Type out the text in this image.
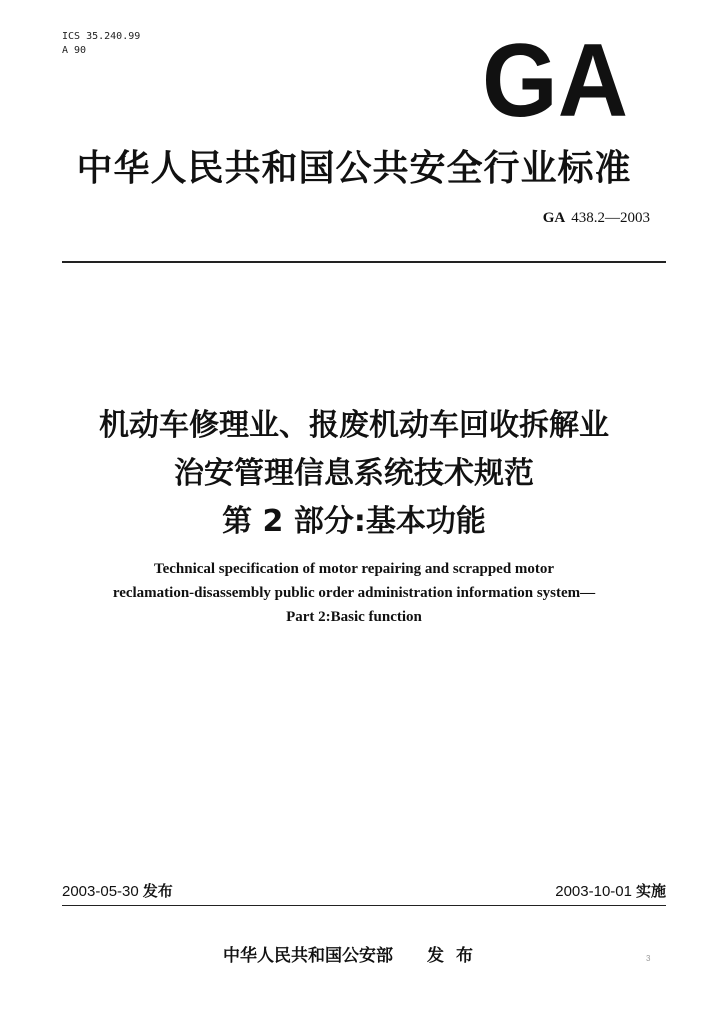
ICS 35.240.99
A 90	GA
中华人民共和国公共安全行业标准
GA 438.2—2003
机动车修理业、报废机动车回收拆解业
治安管理信息系统技术规范
第 2 部分:基本功能
Technical specification of motor repairing and scrapped motor
reclamation-disassembly public order administration information system—
Part 2:Basic function
2003-05-30 发布	2003-10-01 实施
中华人民共和国公安部 发布	3
